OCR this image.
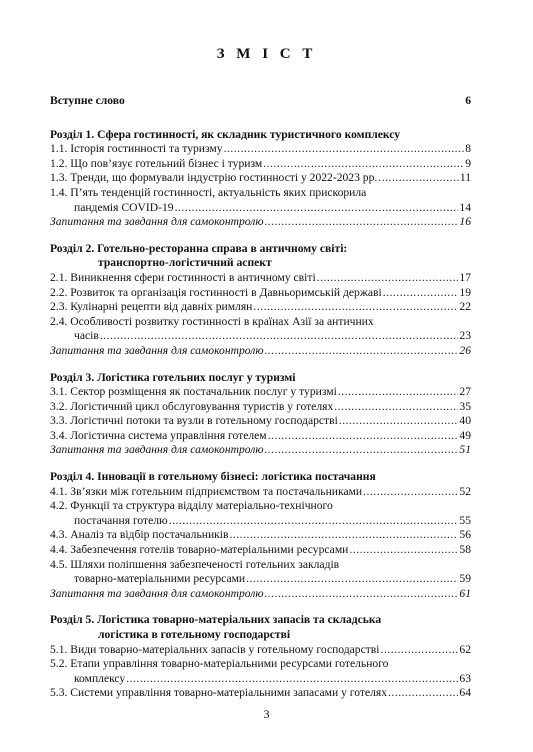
З М І С Т
Вступне слово	6
Розділ 1. Сфера гостинності, як складник туристичного комплексу
1.1. Історія гостинності та туризму .....	8
1.2. Що пов’язує готельний бізнес і туризм .....	9
1.3. Тренди, що формували індустрію гостинності у 2022-2023 рр. .....	11
1.4. П’ять тенденцій гостинності, актуальність яких прискорила
пандемія COVID-19 .....	14
Запитання та завдання для самоконтролю .....	16
Розділ 2. Готельно-ресторанна справа в античному світі:
транспортно-логістичний аспект
2.1. Виникнення сфери гостинності в античному світі .....	17
2.2. Розвиток та організація гостинності в Давньоримській державі .....	19
2.3. Кулінарні рецепти від давніх римлян .....	22
2.4. Особливості розвитку гостинності в країнах Азії за античних
часів .....	23
Запитання та завдання для самоконтролю .....	26
Розділ 3. Логістика готельних послуг у туризмі
3.1. Сектор розміщення як постачальник послуг у туризмі .....	27
3.2. Логістичний цикл обслуговування туристів у готелях .....	35
3.3. Логістичні потоки та вузли в готельному господарстві .....	40
3.4. Логістична система управління готелем .....	49
Запитання та завдання для самоконтролю .....	51
Розділ 4. Інновації в готельному бізнесі: логістика постачання
4.1. Зв’язки між готельним підприємством та постачальниками .....	52
4.2. Функції та структура відділу матеріально-технічного
постачання готелю .....	55
4.3. Аналіз та відбір постачальників .....	56
4.4. Забезпечення готелів товарно-матеріальними ресурсами .....	58
4.5. Шляхи поліпшення забезпеченості готельних закладів
товарно-матеріальними ресурсами .....	59
Запитання та завдання для самоконтролю .....	61
Розділ 5. Логістика товарно-матеріальних запасів та складська
логістика в готельному господарстві
5.1. Види товарно-матеріальних запасів у готельному господарстві .....	62
5.2. Етапи управління товарно-матеріальними ресурсами готельного
комплексу .....	63
5.3. Системи управління товарно-матеріальними запасами у готелях .....	64
3
